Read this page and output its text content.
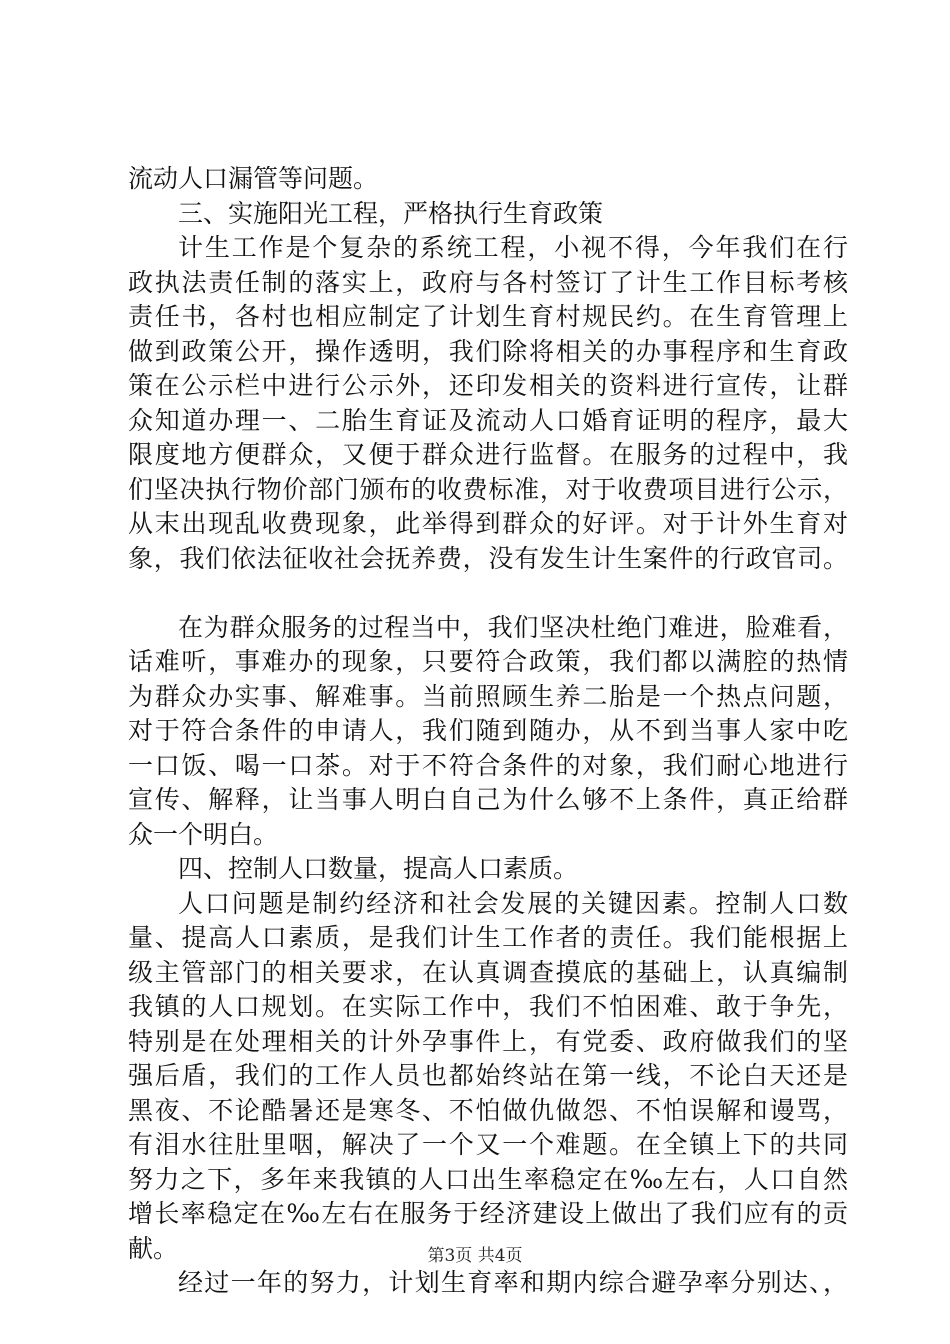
流动人口漏管等问题。
三、实施阳光工程，严格执行生育政策
计生工作是个复杂的系统工程，小视不得，今年我们在行
政执法责任制的落实上，政府与各村签订了计生工作目标考核
责任书，各村也相应制定了计划生育村规民约。在生育管理上
做到政策公开，操作透明，我们除将相关的办事程序和生育政
策在公示栏中进行公示外，还印发相关的资料进行宣传，让群
众知道办理一、二胎生育证及流动人口婚育证明的程序，最大
限度地方便群众，又便于群众进行监督。在服务的过程中，我
们坚决执行物价部门颁布的收费标准，对于收费项目进行公示，
从末出现乱收费现象，此举得到群众的好评。对于计外生育对
象，我们依法征收社会抚养费，没有发生计生案件的行政官司。
在为群众服务的过程当中，我们坚决杜绝门难进，脸难看，
话难听，事难办的现象，只要符合政策，我们都以满腔的热情
为群众办实事、解难事。当前照顾生养二胎是一个热点问题，
对于符合条件的申请人，我们随到随办，从不到当事人家中吃
一口饭、喝一口茶。对于不符合条件的对象，我们耐心地进行
宣传、解释，让当事人明白自己为什么够不上条件，真正给群
众一个明白。
四、控制人口数量，提高人口素质。
人口问题是制约经济和社会发展的关键因素。控制人口数
量、提高人口素质，是我们计生工作者的责任。我们能根据上
级主管部门的相关要求，在认真调查摸底的基础上，认真编制
我镇的人口规划。在实际工作中，我们不怕困难、敢于争先，
特别是在处理相关的计外孕事件上，有党委、政府做我们的坚
强后盾，我们的工作人员也都始终站在第一线，不论白天还是
黑夜、不论酷暑还是寒冬、不怕做仇做怨、不怕误解和谩骂，
有泪水往肚里咽，解决了一个又一个难题。在全镇上下的共同
努力之下，多年来我镇的人口出生率稳定在‰左右，人口自然
增长率稳定在‰左右在服务于经济建设上做出了我们应有的贡
献。
经过一年的努力，计划生育率和期内综合避孕率分别达、，
第3页 共4页
